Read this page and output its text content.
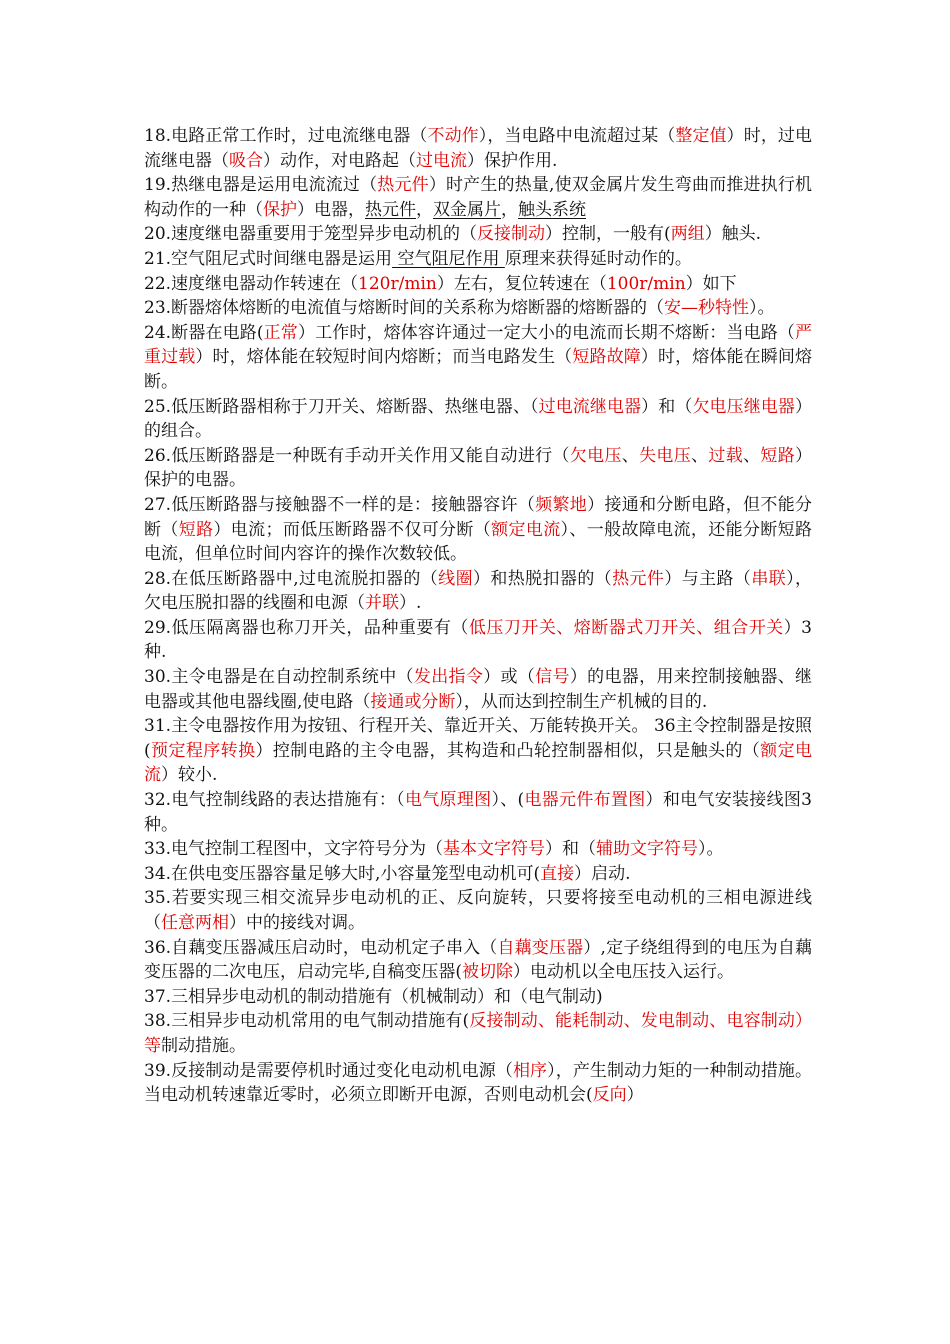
18.电路正常工作时，过电流继电器（不动作），当电路中电流超过某（整定值）时，过电流继电器（吸合）动作，对电路起（过电流）保护作用.

19.热继电器是运用电流流过（热元件）时产生的热量,使双金属片发生弯曲而推进执行机构动作的一种（保护）电器，热元件，双金属片，触头系统

20.速度继电器重要用于笼型异步电动机的（反接制动）控制，一般有(两组）触头.

21.空气阻尼式时间继电器是运用 空气阻尼作用 原理来获得延时动作的。

22.速度继电器动作转速在（120r/min）左右，复位转速在（100r/min）如下

23.断器熔体熔断的电流值与熔断时间的关系称为熔断器的熔断器的（安—秒特性）。

24.断器在电路(正常）工作时，熔体容许通过一定大小的电流而长期不熔断：当电路（严重过载）时，熔体能在较短时间内熔断；而当电路发生（短路故障）时，熔体能在瞬间熔断。

25.低压断路器相称于刀开关、熔断器、热继电器、（过电流继电器）和（欠电压继电器）的组合。

26.低压断路器是一种既有手动开关作用又能自动进行（欠电压、失电压、过载、短路）保护的电器。

27.低压断路器与接触器不一样的是：接触器容许（频繁地）接通和分断电路，但不能分断（短路）电流；而低压断路器不仅可分断（额定电流）、一般故障电流，还能分断短路电流，但单位时间内容许的操作次数较低。

28.在低压断路器中,过电流脱扣器的（线圈）和热脱扣器的（热元件）与主路（串联），欠电压脱扣器的线圈和电源（并联）.

29.低压隔离器也称刀开关，品种重要有（低压刀开关、熔断器式刀开关、组合开关）3种.

30.主令电器是在自动控制系统中（发出指令）或（信号）的电器，用来控制接触器、继电器或其他电器线圈,使电路（接通或分断），从而达到控制生产机械的目的.

31.主令电器按作用为按钮、行程开关、靠近开关、万能转换开关。 36主令控制器是按照(预定程序转换）控制电路的主令电器，其构造和凸轮控制器相似，只是触头的（额定电流）较小.

32.电气控制线路的表达措施有：（电气原理图）、(电器元件布置图）和电气安装接线图3种。

33.电气控制工程图中，文字符号分为（基本文字符号）和（辅助文字符号）。

34.在供电变压器容量足够大时,小容量笼型电动机可(直接）启动.

35.若要实现三相交流异步电动机的正、反向旋转，只要将接至电动机的三相电源进线（任意两相）中的接线对调。

36.自藕变压器减压启动时，电动机定子串入（自藕变压器）,定子绕组得到的电压为自藕变压器的二次电压，启动完毕,自稿变压器(被切除）电动机以全电压技入运行。

37.三相异步电动机的制动措施有（机械制动）和（电气制动)

38.三相异步电动机常用的电气制动措施有(反接制动、能耗制动、发电制动、电容制动）等制动措施。

39.反接制动是需要停机时通过变化电动机电源（相序），产生制动力矩的一种制动措施。当电动机转速靠近零时，必须立即断开电源，否则电动机会(反向）
